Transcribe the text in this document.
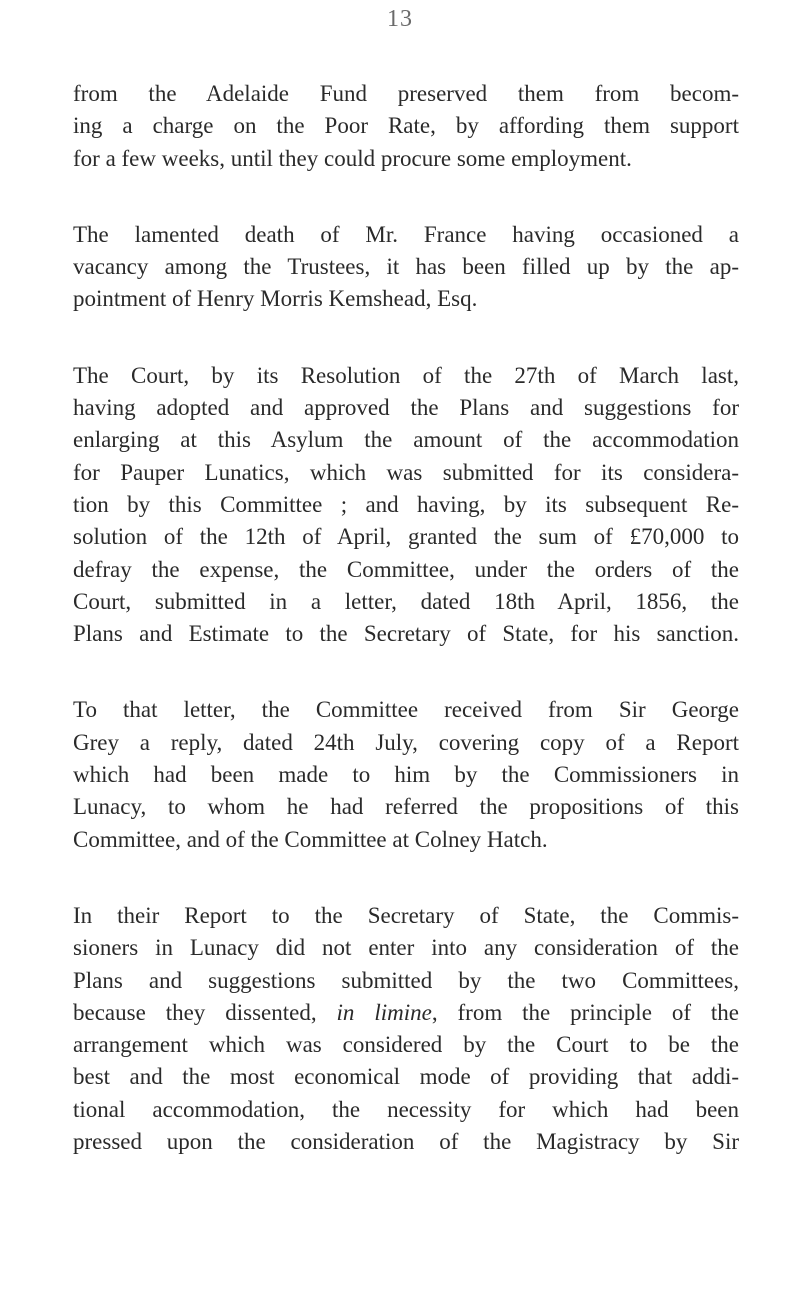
13
from the Adelaide Fund preserved them from becom-
ing a charge on the Poor Rate, by affording them support
for a few weeks, until they could procure some employment.
The lamented death of Mr. France having occasioned a
vacancy among the Trustees, it has been filled up by the ap-
pointment of Henry Morris Kemshead, Esq.
The Court, by its Resolution of the 27th of March last,
having adopted and approved the Plans and suggestions for
enlarging at this Asylum the amount of the accommodation
for Pauper Lunatics, which was submitted for its considera-
tion by this Committee ; and having, by its subsequent Re-
solution of the 12th of April, granted the sum of £70,000 to
defray the expense, the Committee, under the orders of the
Court, submitted in a letter, dated 18th April, 1856, the
Plans and Estimate to the Secretary of State, for his sanction.
To that letter, the Committee received from Sir George
Grey a reply, dated 24th July, covering copy of a Report
which had been made to him by the Commissioners in
Lunacy, to whom he had referred the propositions of this
Committee, and of the Committee at Colney Hatch.
In their Report to the Secretary of State, the Commis-
sioners in Lunacy did not enter into any consideration of the
Plans and suggestions submitted by the two Committees,
because they dissented, in limine, from the principle of the
arrangement which was considered by the Court to be the
best and the most economical mode of providing that addi-
tional accommodation, the necessity for which had been
pressed upon the consideration of the Magistracy by Sir
